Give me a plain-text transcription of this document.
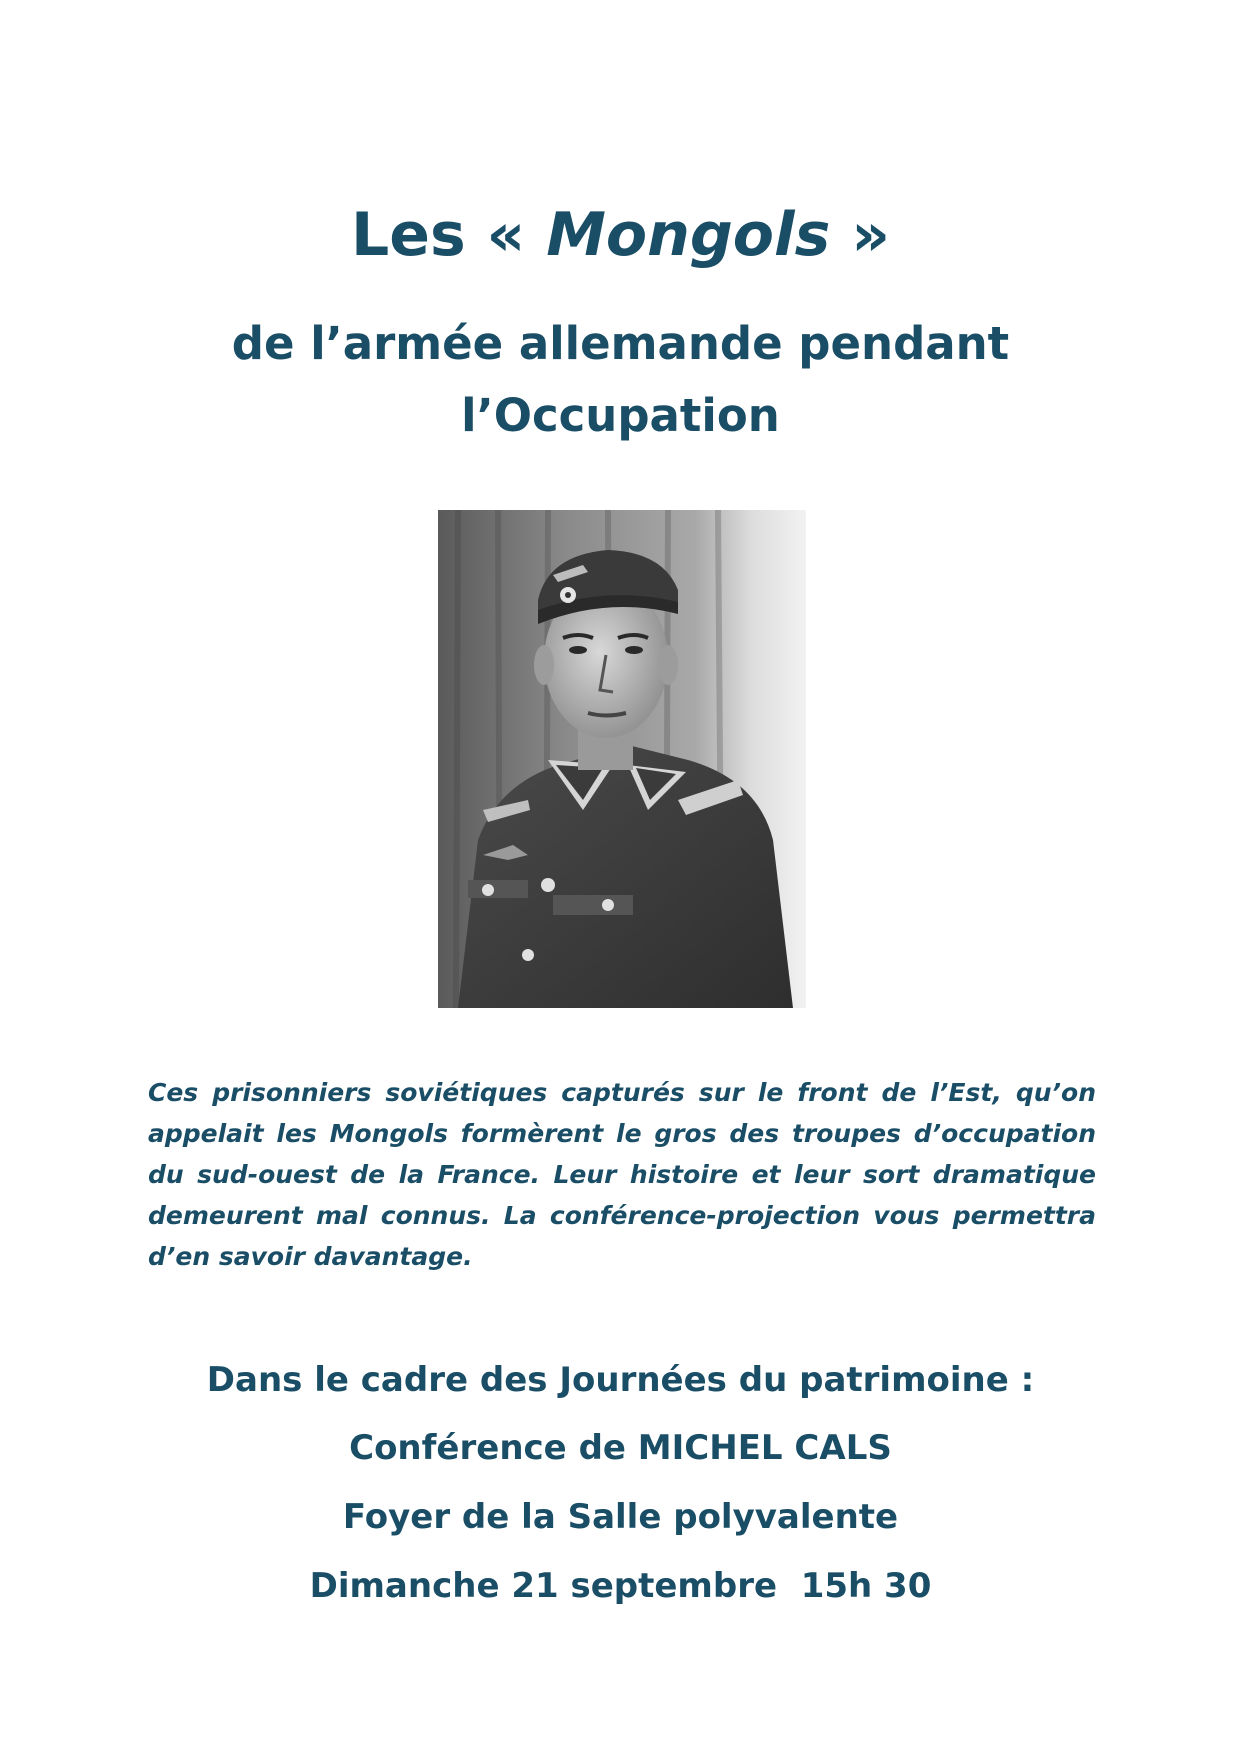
Les « Mongols »
de l’armée allemande pendant l’Occupation

Ces prisonniers soviétiques capturés sur le front de l’Est, qu’on appelait les Mongols formèrent le gros des troupes d’occupation du sud-ouest de la France. Leur histoire et leur sort dramatique demeurent mal connus. La conférence-projection vous permettra d’en savoir davantage.

Dans le cadre des Journées du patrimoine :

Conférence de MICHEL CALS

Foyer de la Salle polyvalente

Dimanche 21 septembre  15h 30
